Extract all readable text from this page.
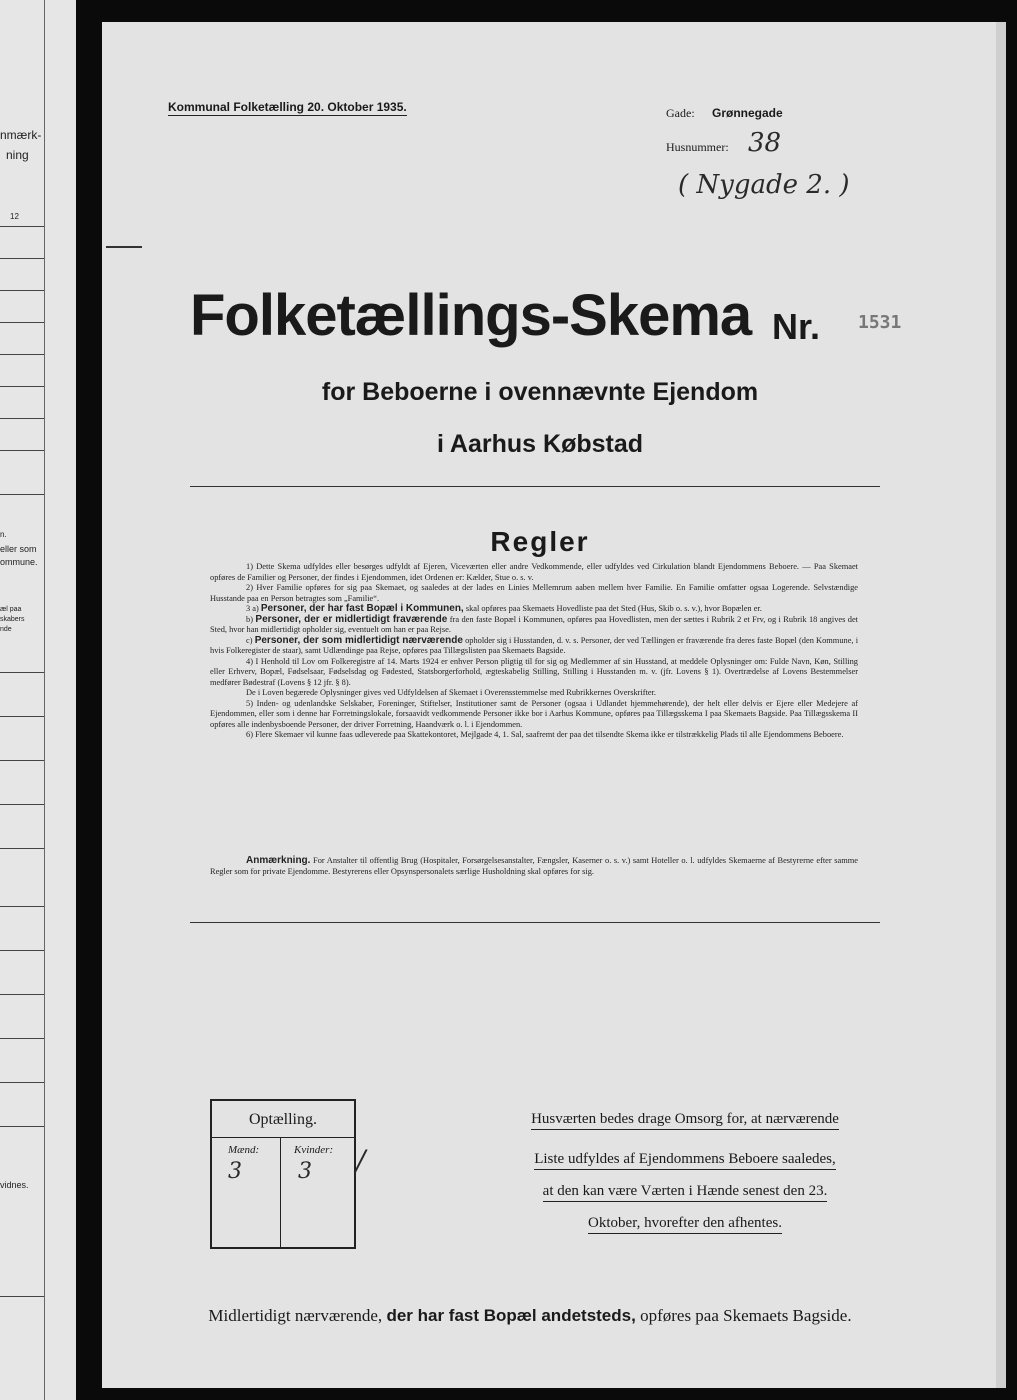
nmærk-
ning
12
n.
eller som
ommune.
æl paa
skabers
nde
vidnes.
Kommunal Folketælling 20. Oktober 1935.	Gade: Grønnegade
Husnummer: 38
( Nygade 2. )
Folketællings-Skema Nr. 1531
for Beboerne i ovennævnte Ejendom
i Aarhus Købstad
Regler

1) Dette Skema udfyldes eller besørges udfyldt af Ejeren, Viceværten eller andre Vedkommende, eller udfyldes ved Cirkulation blandt Ejendommens Beboere. — Paa Skemaet opføres de Familier og Personer, der findes i Ejendommen, idet Ordenen er: Kælder, Stue o. s. v.

2) Hver Familie opføres for sig paa Skemaet, og saaledes at der lades en Linies Mellemrum aaben mellem hver Familie. En Familie omfatter ogsaa Logerende. Selvstændige Husstande paa en Person betragtes som „Familie“.

3 a) Personer, der har fast Bopæl i Kommunen, skal opføres paa Skemaets Hovedliste paa det Sted (Hus, Skib o. s. v.), hvor Bopælen er.

b) Personer, der er midlertidigt fraværende fra den faste Bopæl i Kommunen, opføres paa Hovedlisten, men der sættes i Rubrik 2 et Frv, og i Rubrik 18 angives det Sted, hvor han midlertidigt opholder sig, eventuelt om han er paa Rejse.

c) Personer, der som midlertidigt nærværende opholder sig i Husstanden, d. v. s. Personer, der ved Tællingen er fraværende fra deres faste Bopæl (den Kommune, i hvis Folkeregister de staar), samt Udlændinge paa Rejse, opføres paa Tillægslisten paa Skemaets Bagside.

4) I Henhold til Lov om Folkeregistre af 14. Marts 1924 er enhver Person pligtig til for sig og Medlemmer af sin Husstand, at meddele Oplysninger om: Fulde Navn, Køn, Stilling eller Erhverv, Bopæl, Fødselsaar, Fødselsdag og Fødested, Statsborgerforhold, ægteskabelig Stilling, Stilling i Husstanden m. v. (jfr. Lovens § 1). Overtrædelse af Lovens Bestemmelser medfører Bødestraf (Lovens § 12 jfr. § 8).

De i Loven begærede Oplysninger gives ved Udfyldelsen af Skemaet i Overensstemmelse med Rubrikkernes Overskrifter.

5) Inden- og udenlandske Selskaber, Foreninger, Stiftelser, Institutioner samt de Personer (ogsaa i Udlandet hjemmehørende), der helt eller delvis er Ejere eller Medejere af Ejendommen, eller som i denne har Forretningslokale, forsaavidt vedkommende Personer ikke bor i Aarhus Kommune, opføres paa Tillægsskema I paa Skemaets Bagside. Paa Tillægsskema II opføres alle indenbysboende Personer, der driver Forretning, Haandværk o. l. i Ejendommen.

6) Flere Skemaer vil kunne faas udleverede paa Skattekontoret, Mejlgade 4, 1. Sal, saafremt der paa det tilsendte Skema ikke er tilstrækkelig Plads til alle Ejendommens Beboere.

Anmærkning. For Anstalter til offentlig Brug (Hospitaler, Forsørgelsesanstalter, Fængsler, Kaserner o. s. v.) samt Hoteller o. l. udfyldes Skemaerne af Bestyrerne efter samme Regler som for private Ejendomme. Bestyrerens eller Opsynspersonalets særlige Husholdning skal opføres for sig.
Optælling.
Mænd:	Kvinder:
3	3 /
Husværten bedes drage Omsorg for, at nærværende
Liste udfyldes af Ejendommens Beboere saaledes,
at den kan være Værten i Hænde senest den 23.
Oktober, hvorefter den afhentes.
Midlertidigt nærværende, der har fast Bopæl andetsteds, opføres paa Skemaets Bagside.
